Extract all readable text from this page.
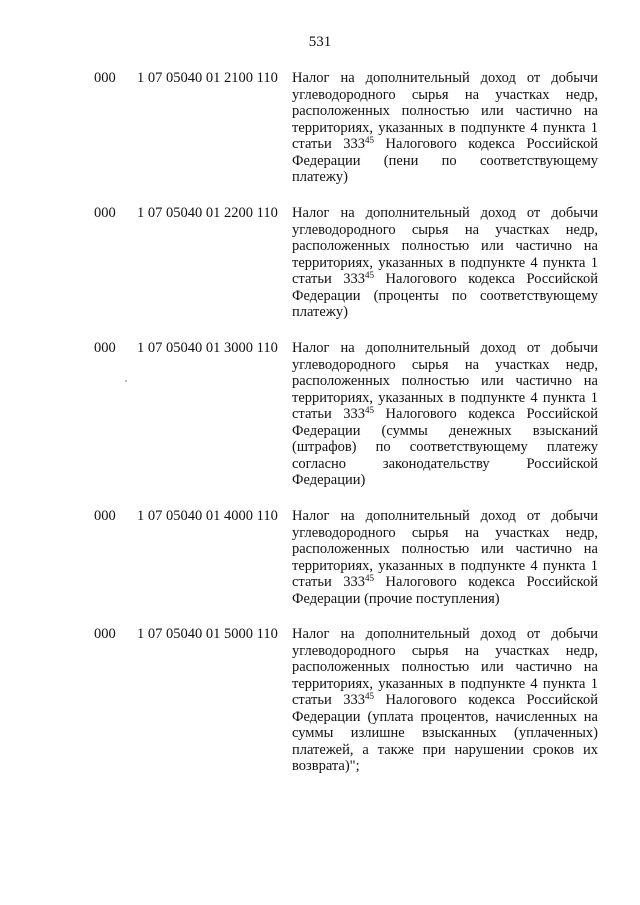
531
000 1 07 05040 01 2100 110 Налог на дополнительный доход от добычи углеводородного сырья на участках недр, расположенных полностью или частично на территориях, указанных в подпункте 4 пункта 1 статьи $333^{45}$ Налогового кодекса Российской Федерации (пени по соответствующему платежу)
000 1 07 05040 01 2200 110 Налог на дополнительный доход от добычи углеводородного сырья на участках недр, расположенных полностью или частично на территориях, указанных в подпункте 4 пункта 1 статьи $333^{45}$ Налогового кодекса Российской Федерации (проценты по соответствующему платежу)
000 1 07 05040 01 3000 110 Налог на дополнительный доход от добычи углеводородного сырья на участках недр, расположенных полностью или частично на территориях, указанных в подпункте 4 пункта 1 статьи $333^{45}$ Налогового кодекса Российской Федерации (суммы денежных взысканий (штрафов) по соответствующему платежу согласно законодательству Российской Федерации)
000 1 07 05040 01 4000 110 Налог на дополнительный доход от добычи углеводородного сырья на участках недр, расположенных полностью или частично на территориях, указанных в подпункте 4 пункта 1 статьи $333^{45}$ Налогового кодекса Российской Федерации (прочие поступления)
000 1 07 05040 01 5000 110 Налог на дополнительный доход от добычи углеводородного сырья на участках недр, расположенных полностью или частично на территориях, указанных в подпункте 4 пункта 1 статьи $333^{45}$ Налогового кодекса Российской Федерации (уплата процентов, начисленных на суммы излишне взысканных (уплаченных) платежей, а также при нарушении сроков их возврата)";
